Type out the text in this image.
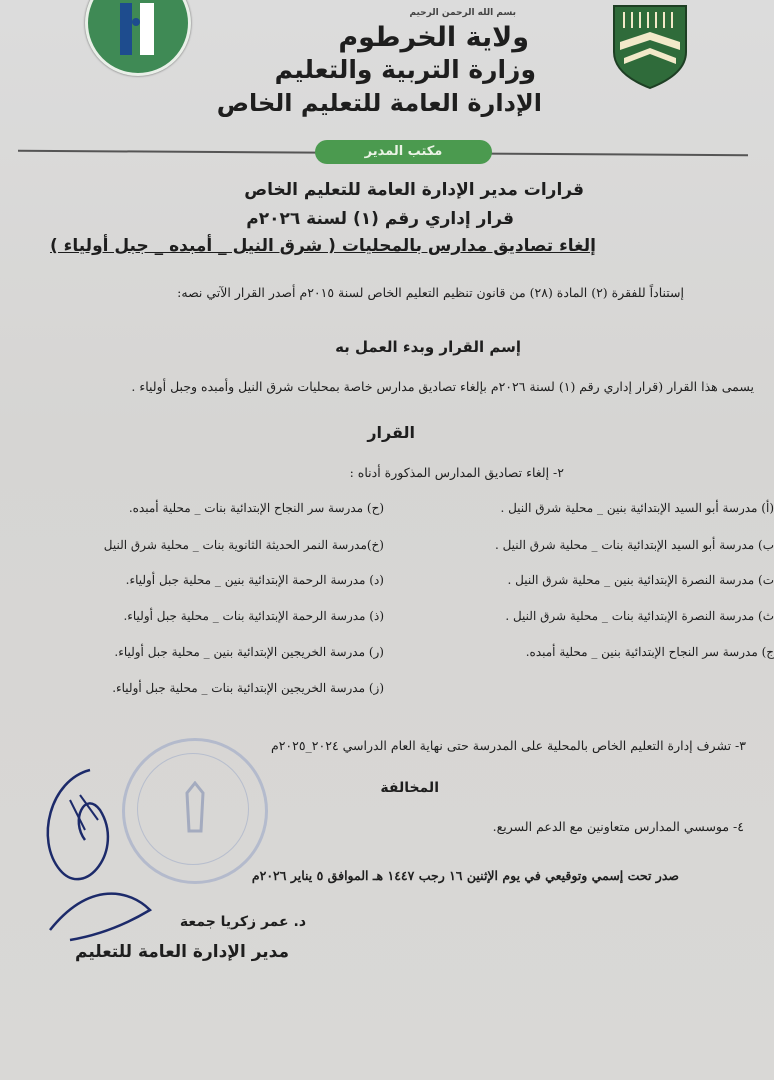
بسم الله الرحمن الرحيم
ولاية الخرطوم
وزارة التربية والتعليم
الإدارة العامة للتعليم الخاص
مكتب المدير
قرارات مدير الإدارة العامة للتعليم الخاص
قرار إداري رقم (١) لسنة ٢٠٢٦م
إلغاء تصاديق مدارس بالمحليات ( شرق النيل _ أمبده _ جبل أولياء )
إستناداً للفقرة (٢) المادة (٢٨) من قانون تنظيم التعليم الخاص لسنة ٢٠١٥م أصدر القرار الآتي نصه:
إسم القرار وبدء العمل به
يسمى هذا القرار (قرار إداري رقم (١) لسنة ٢٠٢٦م بإلغاء تصاديق مدارس خاصة بمحليات شرق النيل وأمبده وجبل أولياء .
القرار
٢- إلغاء تصاديق المدارس المذكورة أدناه :
(أ) مدرسة أبو السيد الإبتدائية بنين _ محلية شرق النيل .
ب) مدرسة أبو السيد الإبتدائية بنات _ محلية شرق النيل .
ت) مدرسة النصرة الإبتدائية بنين _ محلية شرق النيل .
ث) مدرسة النصرة الإبتدائية بنات _ محلية شرق النيل .
ج) مدرسة سر النجاح الإبتدائية بنين _ محلية أمبده.
(ح) مدرسة سر النجاح الإبتدائية بنات _ محلية أمبده.
(خ)مدرسة النمر الحديثة الثانوية بنات _ محلية شرق النيل
(د) مدرسة الرحمة الإبتدائية بنين _ محلية جبل أولياء.
(ذ) مدرسة الرحمة الإبتدائية بنات _ محلية جبل أولياء.
(ر) مدرسة الخريجين الإبتدائية بنين _ محلية جبل أولياء.
(ز) مدرسة الخريجين الإبتدائية بنات _ محلية جبل أولياء.
٣- تشرف إدارة التعليم الخاص بالمحلية على المدرسة حتى نهاية العام الدراسي ٢٠٢٤_٢٠٢٥م
المخالفة
٤- موسسي المدارس متعاونين مع الدعم السريع.
صدر تحت إسمي وتوقيعي في يوم الإثنين ١٦ رجب ١٤٤٧ هـ الموافق ٥ يناير ٢٠٢٦م
د. عمر زكريا جمعة
مدير الإدارة العامة للتعليم
